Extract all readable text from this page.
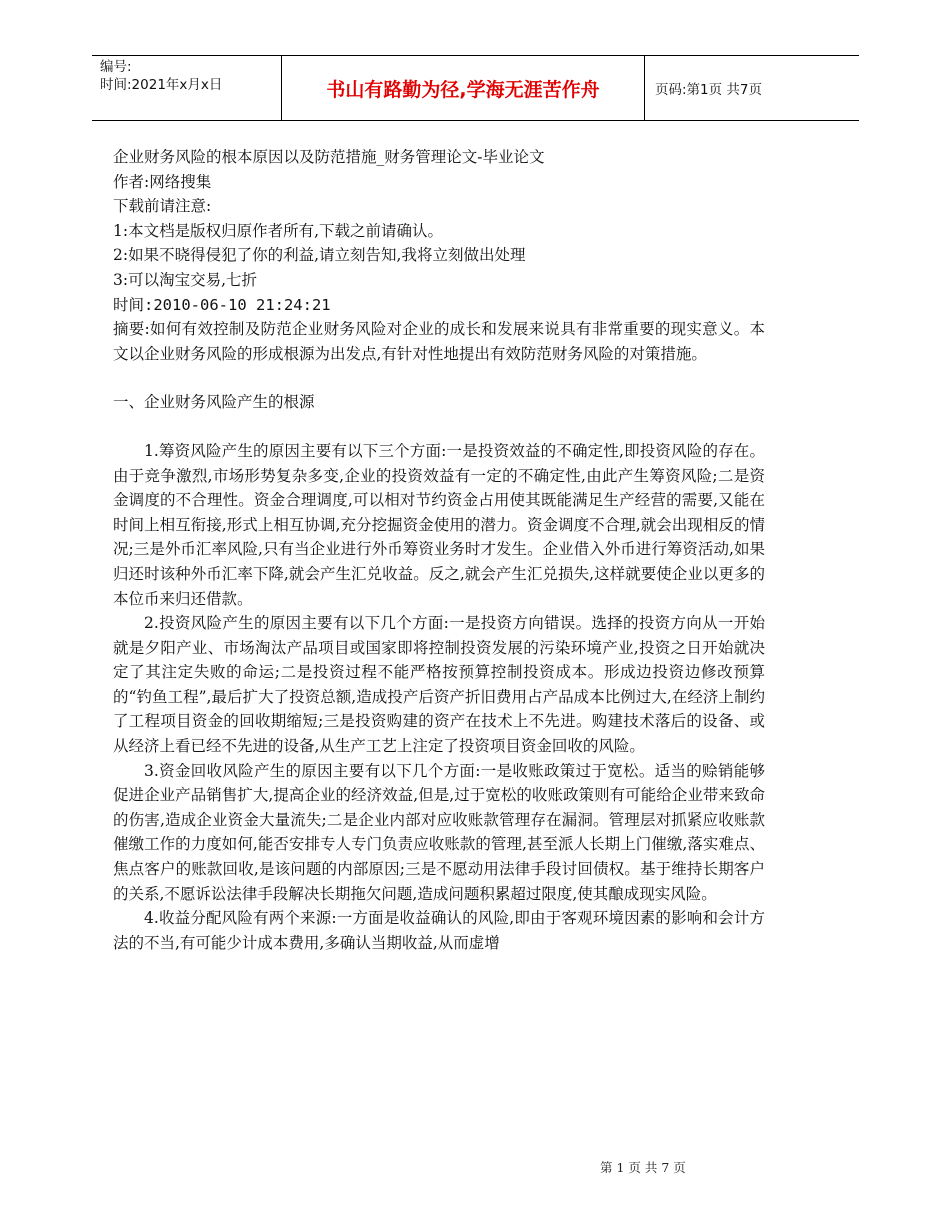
编号:
时间:2021年x月x日	书山有路勤为径,学海无涯苦作舟	页码:第1页 共7页

企业财务风险的根本原因以及防范措施_财务管理论文-毕业论文

作者:网络搜集

下载前请注意:

1:本文档是版权归原作者所有,下载之前请确认。

2:如果不晓得侵犯了你的利益,请立刻告知,我将立刻做出处理

3:可以淘宝交易,七折

时间:2010-06-10 21:24:21

摘要:如何有效控制及防范企业财务风险对企业的成长和发展来说具有非常重要的现实意义。本文以企业财务风险的形成根源为出发点,有针对性地提出有效防范财务风险的对策措施。

一、企业财务风险产生的根源

1.筹资风险产生的原因主要有以下三个方面:一是投资效益的不确定性,即投资风险的存在。由于竞争激烈,市场形势复杂多变,企业的投资效益有一定的不确定性,由此产生筹资风险;二是资金调度的不合理性。资金合理调度,可以相对节约资金占用使其既能满足生产经营的需要,又能在时间上相互衔接,形式上相互协调,充分挖掘资金使用的潜力。资金调度不合理,就会出现相反的情况;三是外币汇率风险,只有当企业进行外币筹资业务时才发生。企业借入外币进行筹资活动,如果归还时该种外币汇率下降,就会产生汇兑收益。反之,就会产生汇兑损失,这样就要使企业以更多的本位币来归还借款。

2.投资风险产生的原因主要有以下几个方面:一是投资方向错误。选择的投资方向从一开始就是夕阳产业、市场淘汰产品项目或国家即将控制投资发展的污染环境产业,投资之日开始就决定了其注定失败的命运;二是投资过程不能严格按预算控制投资成本。形成边投资边修改预算的“钓鱼工程”,最后扩大了投资总额,造成投产后资产折旧费用占产品成本比例过大,在经济上制约了工程项目资金的回收期缩短;三是投资购建的资产在技术上不先进。购建技术落后的设备、或从经济上看已经不先进的设备,从生产工艺上注定了投资项目资金回收的风险。

3.资金回收风险产生的原因主要有以下几个方面:一是收账政策过于宽松。适当的赊销能够促进企业产品销售扩大,提高企业的经济效益,但是,过于宽松的收账政策则有可能给企业带来致命的伤害,造成企业资金大量流失;二是企业内部对应收账款管理存在漏洞。管理层对抓紧应收账款催缴工作的力度如何,能否安排专人专门负责应收账款的管理,甚至派人长期上门催缴,落实难点、焦点客户的账款回收,是该问题的内部原因;三是不愿动用法律手段讨回债权。基于维持长期客户的关系,不愿诉讼法律手段解决长期拖欠问题,造成问题积累超过限度,使其酿成现实风险。

4.收益分配风险有两个来源:一方面是收益确认的风险,即由于客观环境因素的影响和会计方法的不当,有可能少计成本费用,多确认当期收益,从而虚增

第 1 页 共 7 页
